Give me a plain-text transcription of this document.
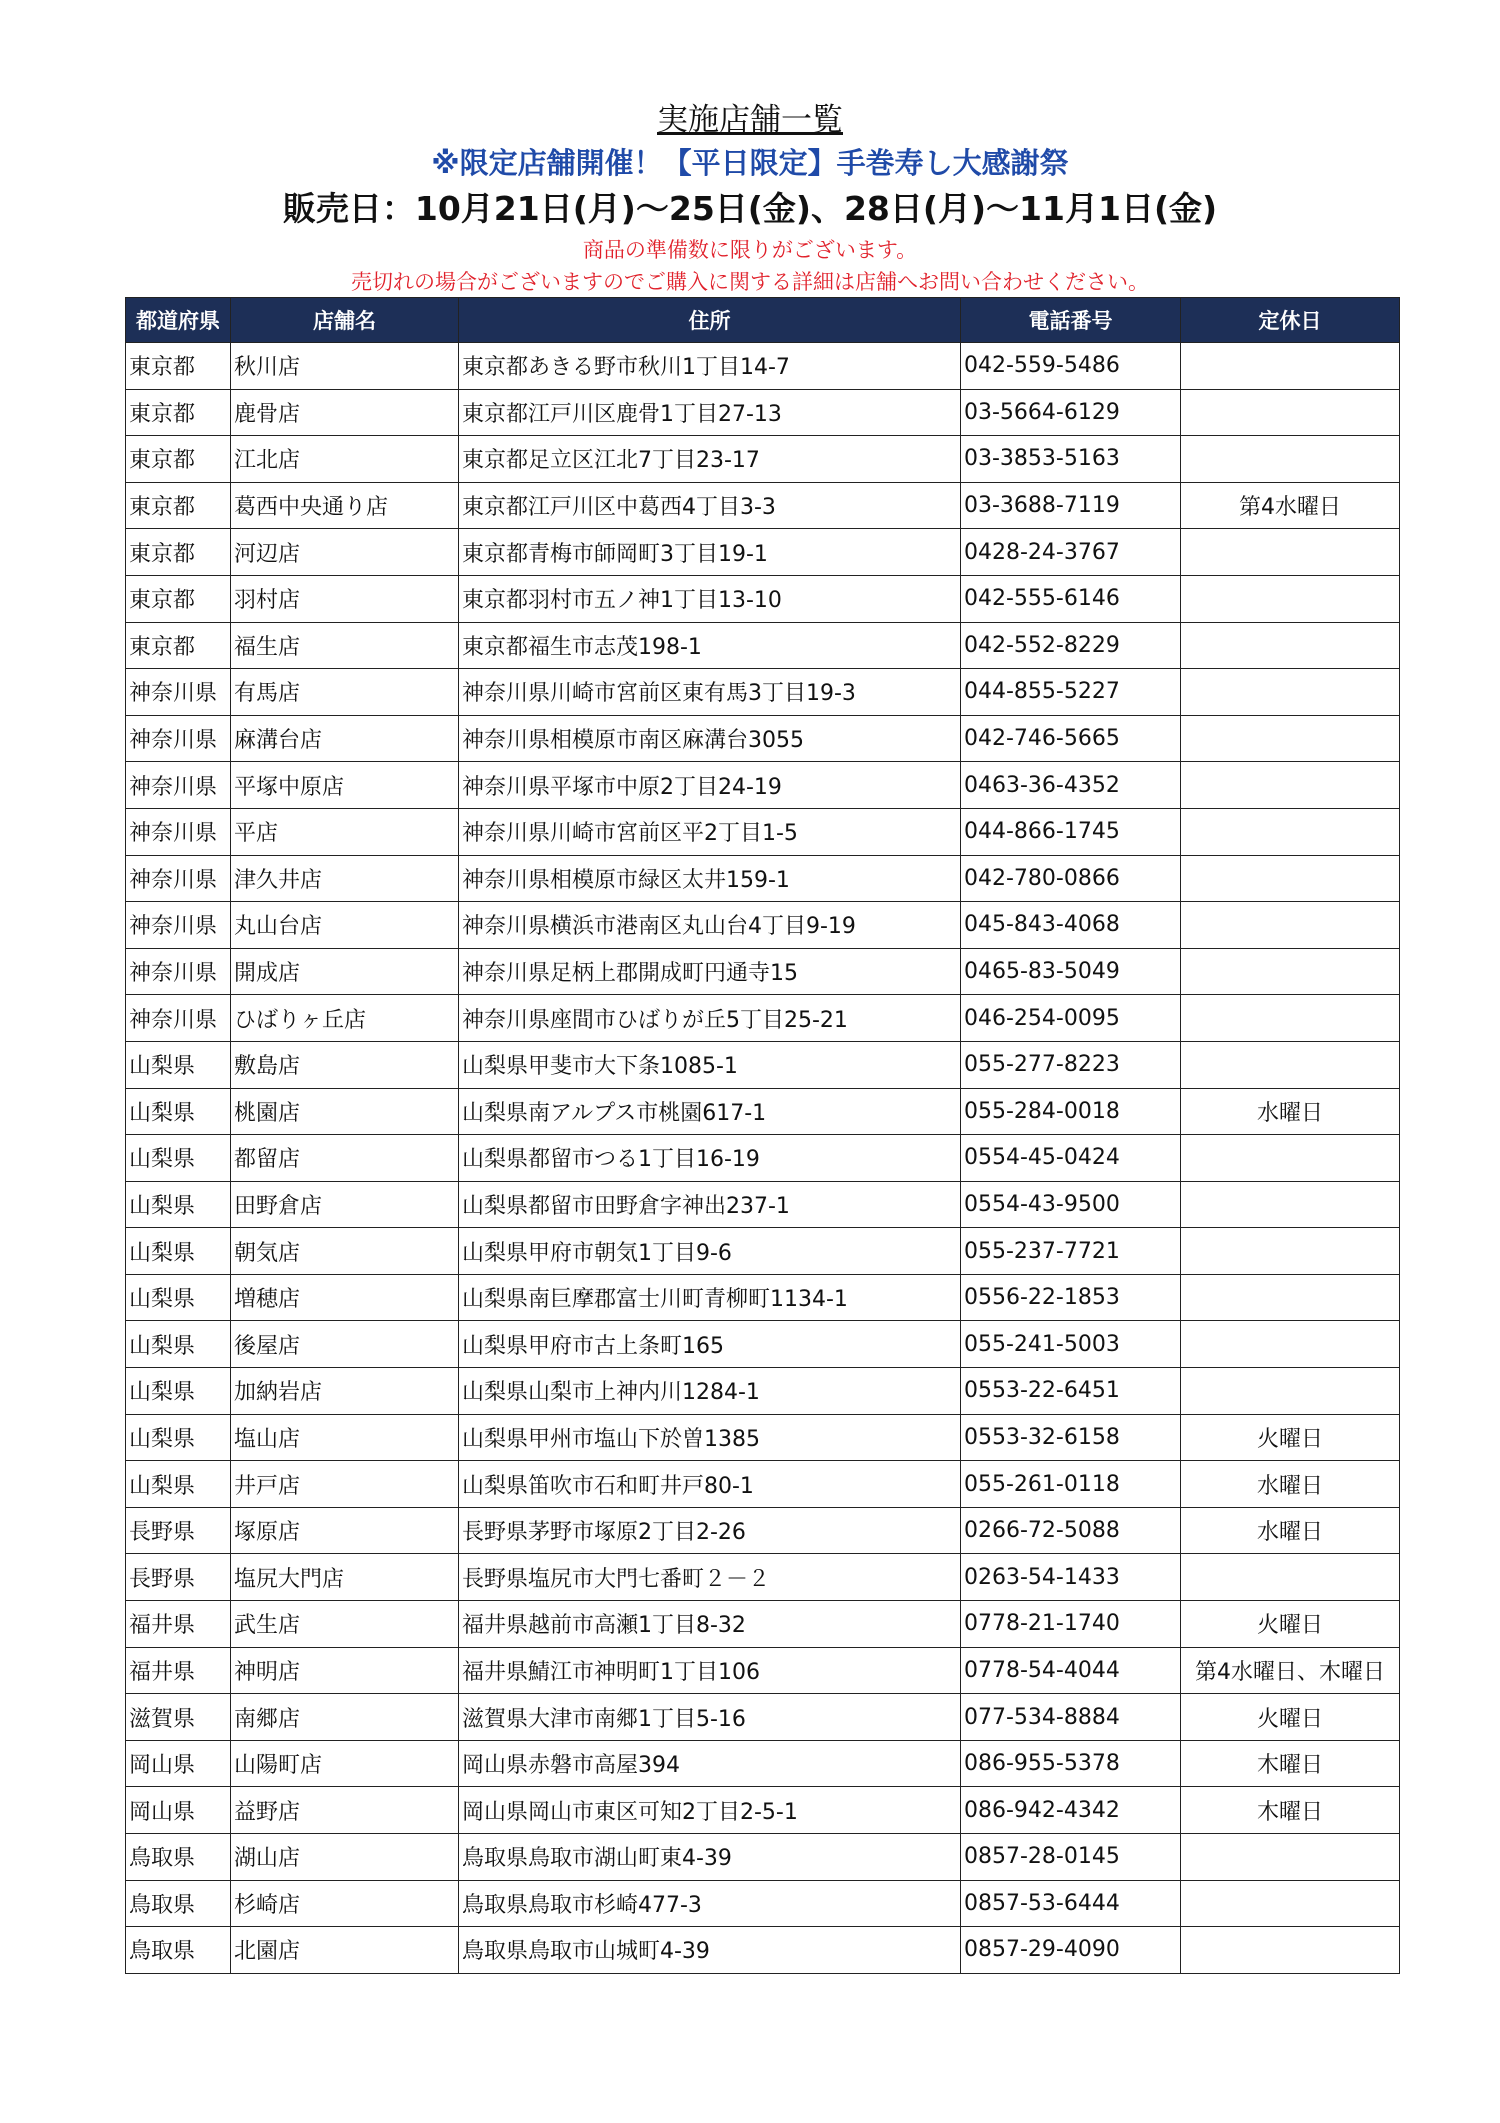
実施店舗一覧

※限定店舗開催！【平日限定】手巻寿し大感謝祭

販売日：10月21日(月)～25日(金)、28日(月)～11月1日(金)

商品の準備数に限りがございます。

売切れの場合がございますのでご購入に関する詳細は店舗へお問い合わせください。

都道府県	店舗名	住所	電話番号	定休日
東京都	秋川店	東京都あきる野市秋川1丁目14-7	042-559-5486	
東京都	鹿骨店	東京都江戸川区鹿骨1丁目27-13	03-5664-6129	
東京都	江北店	東京都足立区江北7丁目23-17	03-3853-5163	
東京都	葛西中央通り店	東京都江戸川区中葛西4丁目3-3	03-3688-7119	第4水曜日
東京都	河辺店	東京都青梅市師岡町3丁目19-1	0428-24-3767	
東京都	羽村店	東京都羽村市五ノ神1丁目13-10	042-555-6146	
東京都	福生店	東京都福生市志茂198-1	042-552-8229	
神奈川県	有馬店	神奈川県川崎市宮前区東有馬3丁目19-3	044-855-5227	
神奈川県	麻溝台店	神奈川県相模原市南区麻溝台3055	042-746-5665	
神奈川県	平塚中原店	神奈川県平塚市中原2丁目24-19	0463-36-4352	
神奈川県	平店	神奈川県川崎市宮前区平2丁目1-5	044-866-1745	
神奈川県	津久井店	神奈川県相模原市緑区太井159-1	042-780-0866	
神奈川県	丸山台店	神奈川県横浜市港南区丸山台4丁目9-19	045-843-4068	
神奈川県	開成店	神奈川県足柄上郡開成町円通寺15	0465-83-5049	
神奈川県	ひばりヶ丘店	神奈川県座間市ひばりが丘5丁目25-21	046-254-0095	
山梨県	敷島店	山梨県甲斐市大下条1085-1	055-277-8223	
山梨県	桃園店	山梨県南アルプス市桃園617-1	055-284-0018	水曜日
山梨県	都留店	山梨県都留市つる1丁目16-19	0554-45-0424	
山梨県	田野倉店	山梨県都留市田野倉字神出237-1	0554-43-9500	
山梨県	朝気店	山梨県甲府市朝気1丁目9-6	055-237-7721	
山梨県	増穂店	山梨県南巨摩郡富士川町青柳町1134-1	0556-22-1853	
山梨県	後屋店	山梨県甲府市古上条町165	055-241-5003	
山梨県	加納岩店	山梨県山梨市上神内川1284-1	0553-22-6451	
山梨県	塩山店	山梨県甲州市塩山下於曽1385	0553-32-6158	火曜日
山梨県	井戸店	山梨県笛吹市石和町井戸80-1	055-261-0118	水曜日
長野県	塚原店	長野県茅野市塚原2丁目2-26	0266-72-5088	水曜日
長野県	塩尻大門店	長野県塩尻市大門七番町２－２	0263-54-1433	
福井県	武生店	福井県越前市高瀬1丁目8-32	0778-21-1740	火曜日
福井県	神明店	福井県鯖江市神明町1丁目106	0778-54-4044	第4水曜日、木曜日
滋賀県	南郷店	滋賀県大津市南郷1丁目5-16	077-534-8884	火曜日
岡山県	山陽町店	岡山県赤磐市高屋394	086-955-5378	木曜日
岡山県	益野店	岡山県岡山市東区可知2丁目2-5-1	086-942-4342	木曜日
鳥取県	湖山店	鳥取県鳥取市湖山町東4-39	0857-28-0145	
鳥取県	杉崎店	鳥取県鳥取市杉崎477-3	0857-53-6444	
鳥取県	北園店	鳥取県鳥取市山城町4-39	0857-29-4090	
